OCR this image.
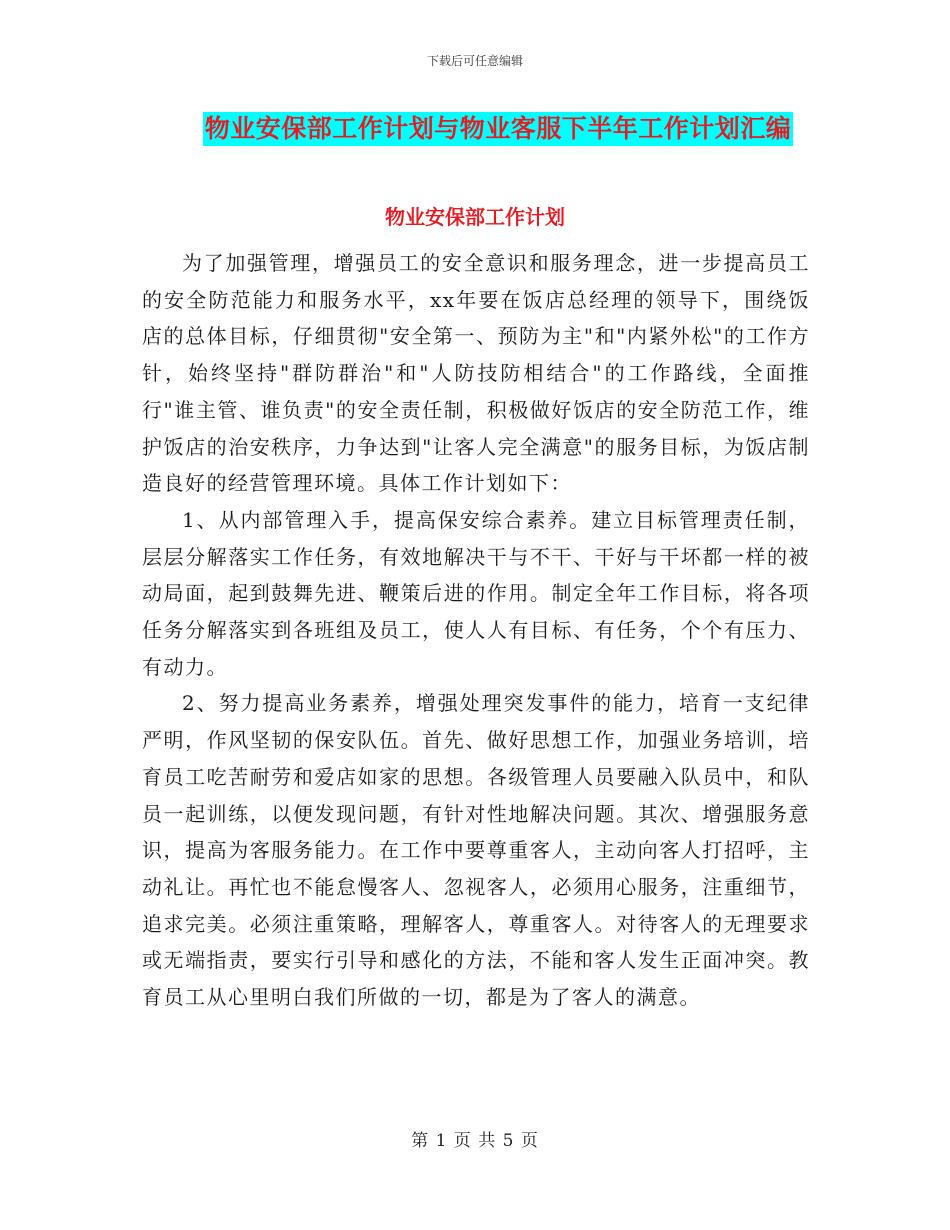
下载后可任意编辑
物业安保部工作计划与物业客服下半年工作计划汇编
物业安保部工作计划

为了加强管理，增强员工的安全意识和服务理念，进一步提高员工的安全防范能力和服务水平，xx年要在饭店总经理的领导下，围绕饭店的总体目标，仔细贯彻"安全第一、预防为主"和"内紧外松"的工作方针，始终坚持"群防群治"和"人防技防相结合"的工作路线，全面推行"谁主管、谁负责"的安全责任制，积极做好饭店的安全防范工作，维护饭店的治安秩序，力争达到"让客人完全满意"的服务目标，为饭店制造良好的经营管理环境。具体工作计划如下：

1、从内部管理入手，提高保安综合素养。建立目标管理责任制，层层分解落实工作任务，有效地解决干与不干、干好与干坏都一样的被动局面，起到鼓舞先进、鞭策后进的作用。制定全年工作目标，将各项任务分解落实到各班组及员工，使人人有目标、有任务，个个有压力、有动力。

2、努力提高业务素养，增强处理突发事件的能力，培育一支纪律严明，作风坚韧的保安队伍。首先、做好思想工作，加强业务培训，培育员工吃苦耐劳和爱店如家的思想。各级管理人员要融入队员中，和队员一起训练，以便发现问题，有针对性地解决问题。其次、增强服务意识，提高为客服务能力。在工作中要尊重客人，主动向客人打招呼，主动礼让。再忙也不能怠慢客人、忽视客人，必须用心服务，注重细节，追求完美。必须注重策略，理解客人，尊重客人。对待客人的无理要求或无端指责，要实行引导和感化的方法，不能和客人发生正面冲突。教育员工从心里明白我们所做的一切，都是为了客人的满意。

第 1 页 共 5 页
